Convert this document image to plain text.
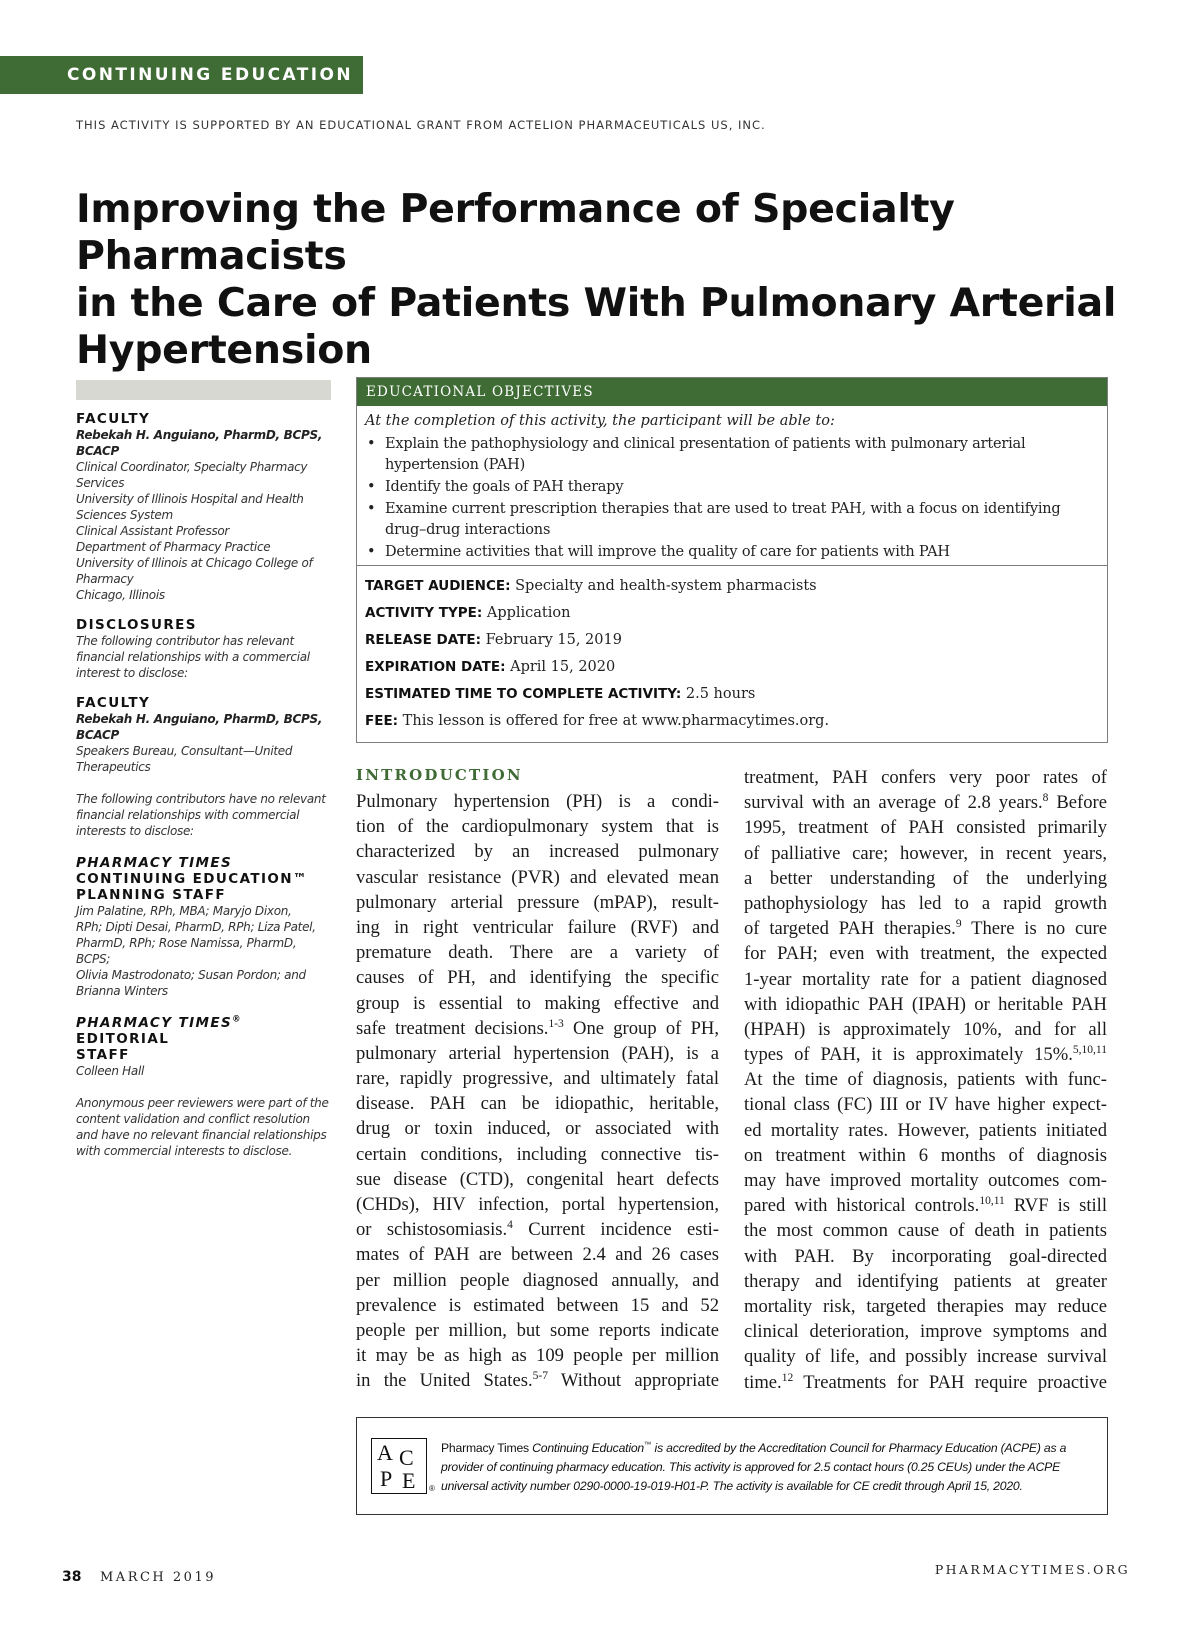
CONTINUING EDUCATION
THIS ACTIVITY IS SUPPORTED BY AN EDUCATIONAL GRANT FROM ACTELION PHARMACEUTICALS US, INC.
Improving the Performance of Specialty Pharmacists
in the Care of Patients With Pulmonary Arterial
Hypertension

FACULTY

Rebekah H. Anguiano, PharmD, BCPS,
BCACP
Clinical Coordinator, Specialty Pharmacy
Services
University of Illinois Hospital and Health
Sciences System
Clinical Assistant Professor
Department of Pharmacy Practice
University of Illinois at Chicago College of
Pharmacy
Chicago, Illinois

DISCLOSURES

The following contributor has relevant
financial relationships with a commercial
interest to disclose:

FACULTY

Rebekah H. Anguiano, PharmD, BCPS,
BCACP
Speakers Bureau, Consultant—United
Therapeutics
The following contributors have no relevant
financial relationships with commercial
interests to disclose:

PHARMACY TIMES

CONTINUING EDUCATION™

PLANNING STAFF

Jim Palatine, RPh, MBA; Maryjo Dixon,
RPh; Dipti Desai, PharmD, RPh; Liza Patel,
PharmD, RPh; Rose Namissa, PharmD, BCPS;
Olivia Mastrodonato; Susan Pordon; and
Brianna Winters

PHARMACY TIMES® EDITORIAL

STAFF

Colleen Hall
Anonymous peer reviewers were part of the
content validation and conflict resolution
and have no relevant financial relationships
with commercial interests to disclose.
EDUCATIONAL OBJECTIVES
At the completion of this activity, the participant will be able to:
• Explain the pathophysiology and clinical presentation of patients with pulmonary arterial
hypertension (PAH)
• Identify the goals of PAH therapy
• Examine current prescription therapies that are used to treat PAH, with a focus on identifying
drug–drug interactions
• Determine activities that will improve the quality of care for patients with PAH
TARGET AUDIENCE: Specialty and health-system pharmacists
ACTIVITY TYPE: Application
RELEASE DATE: February 15, 2019
EXPIRATION DATE: April 15, 2020
ESTIMATED TIME TO COMPLETE ACTIVITY: 2.5 hours
FEE: This lesson is offered for free at www.pharmacytimes.org.
INTRODUCTION
Pulmonary hypertension (PH) is a condi-
tion of the cardiopulmonary system that is
characterized by an increased pulmonary
vascular resistance (PVR) and elevated mean
pulmonary arterial pressure (mPAP), result-
ing in right ventricular failure (RVF) and
premature death. There are a variety of
causes of PH, and identifying the specific
group is essential to making effective and
safe treatment decisions.$^{1-3}$ One group of PH,
pulmonary arterial hypertension (PAH), is a
rare, rapidly progressive, and ultimately fatal
disease. PAH can be idiopathic, heritable,
drug or toxin induced, or associated with
certain conditions, including connective tis-
sue disease (CTD), congenital heart defects
(CHDs), HIV infection, portal hypertension,
or schistosomiasis.$^4$ Current incidence esti-
mates of PAH are between 2.4 and 26 cases
per million people diagnosed annually, and
prevalence is estimated between 15 and 52
people per million, but some reports indicate
it may be as high as 109 people per million
in the United States.$^{5-7}$ Without appropriate
treatment, PAH confers very poor rates of
survival with an average of 2.8 years.$^8$ Before
1995, treatment of PAH consisted primarily
of palliative care; however, in recent years,
a better understanding of the underlying
pathophysiology has led to a rapid growth
of targeted PAH therapies.$^9$ There is no cure
for PAH; even with treatment, the expected
1-year mortality rate for a patient diagnosed
with idiopathic PAH (IPAH) or heritable PAH
(HPAH) is approximately 10%, and for all
types of PAH, it is approximately 15%.$^{5,10,11}$
At the time of diagnosis, patients with func-
tional class (FC) III or IV have higher expect-
ed mortality rates. However, patients initiated
on treatment within 6 months of diagnosis
may have improved mortality outcomes com-
pared with historical controls.$^{10,11}$ RVF is still
the most common cause of death in patients
with PAH. By incorporating goal-directed
therapy and identifying patients at greater
mortality risk, targeted therapies may reduce
clinical deterioration, improve symptoms and
quality of life, and possibly increase survival
time.$^{12}$ Treatments for PAH require proactive
A C
P E ®
Pharmacy Times Continuing Education™ is accredited by the Accreditation Council for Pharmacy Education (ACPE) as a
provider of continuing pharmacy education. This activity is approved for 2.5 contact hours (0.25 CEUs) under the ACPE
universal activity number 0290-0000-19-019-H01-P. The activity is available for CE credit through April 15, 2020.
38 MARCH 2019
PHARMACYTIMES.ORG
